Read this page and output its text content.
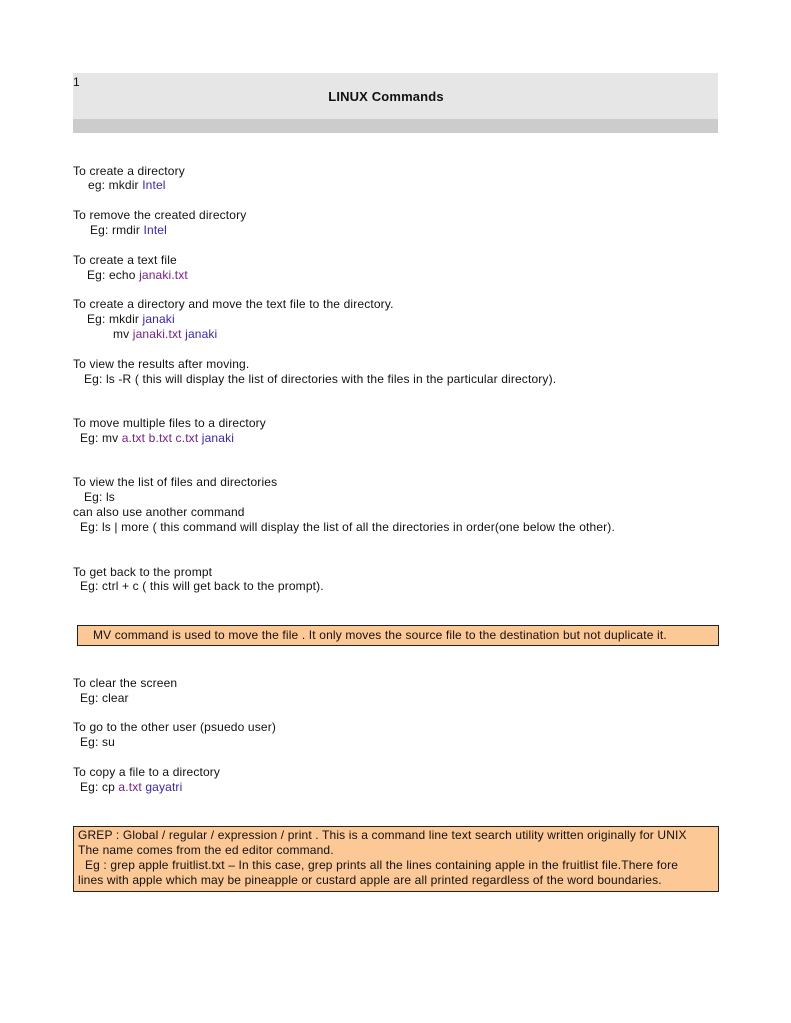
1
LINUX Commands
To create a directory
eg: mkdir Intel
To remove the created directory
Eg: rmdir Intel
To create a text file
Eg: echo janaki.txt
To create a directory and move the text file to the directory.
Eg: mkdir janaki
mv janaki.txt janaki
To view the results after moving.
Eg: ls -R ( this will display the list of directories with the files in the particular directory).
To move multiple files to a directory
Eg: mv a.txt b.txt c.txt janaki
To view the list of files and directories
Eg: ls
can also use another command
Eg: ls | more ( this command will display the list of all the directories in order(one below the other).
To get back to the prompt
Eg: ctrl + c ( this will get back to the prompt).
MV command is used to move the file . It only moves the source file to the destination but not duplicate it.
To clear the screen
Eg: clear
To go to the other user (psuedo user)
Eg: su
To copy a file to a directory
Eg: cp a.txt gayatri
GREP : Global / regular / expression / print . This is a command line text search utility written originally for UNIX
The name comes from the ed editor command.
Eg : grep apple fruitlist.txt – In this case, grep prints all the lines containing apple in the fruitlist file.There fore
lines with apple which may be pineapple or custard apple are all printed regardless of the word boundaries.
